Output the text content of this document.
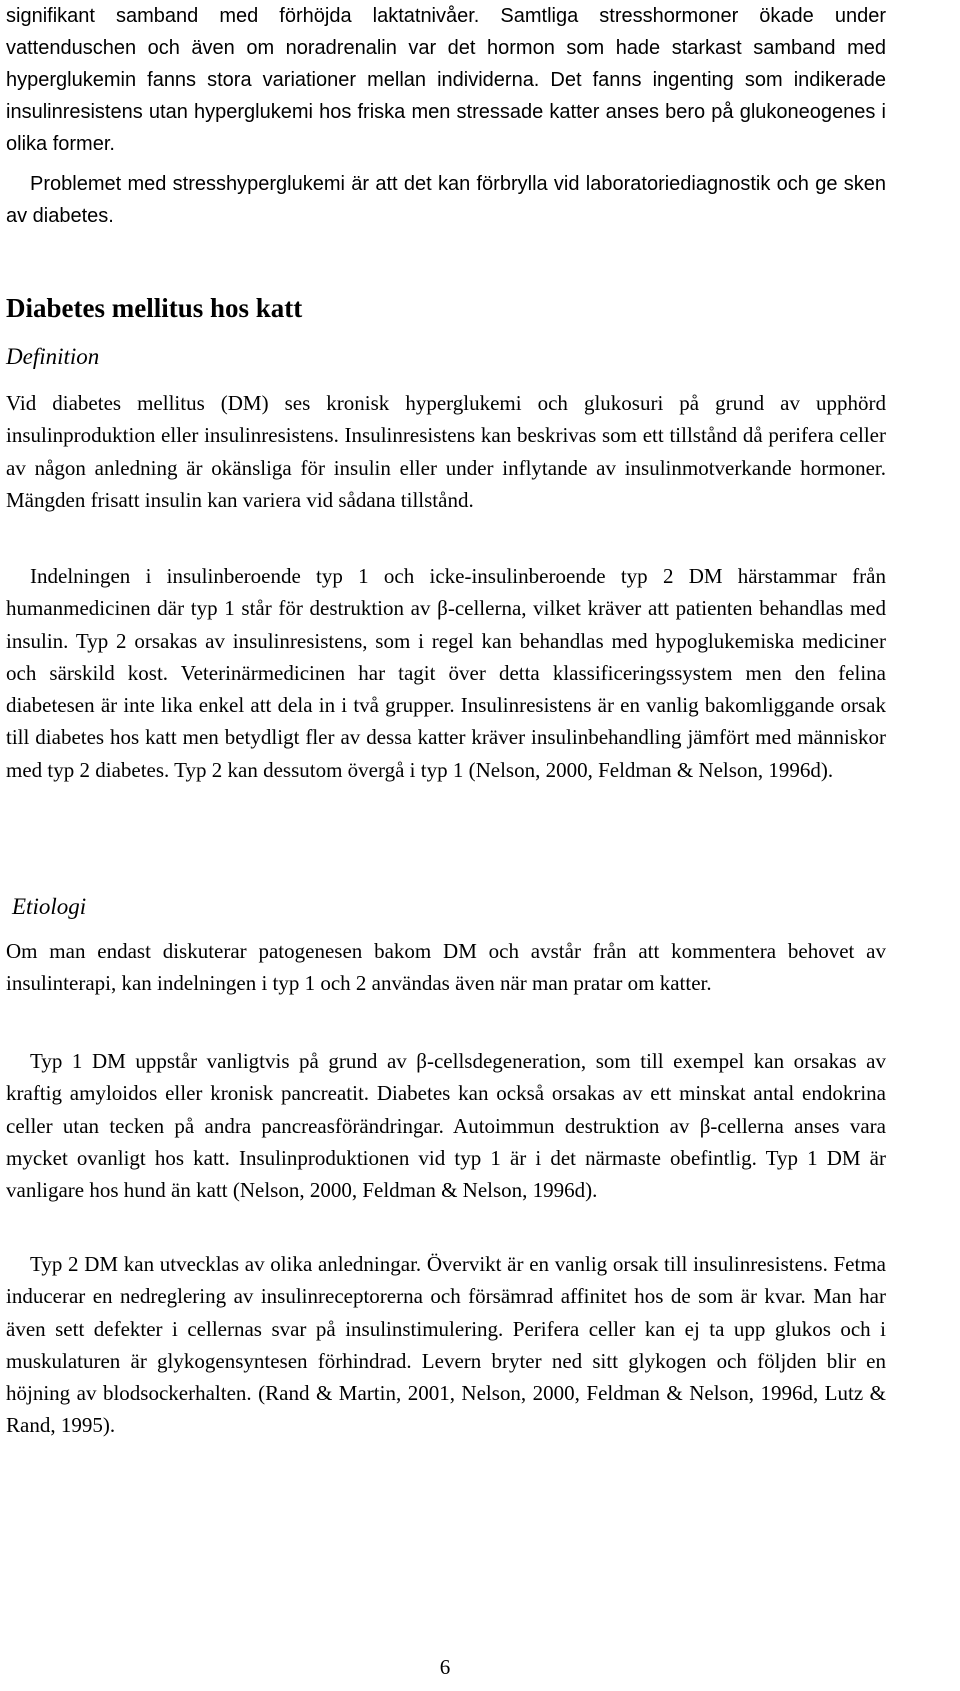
signifikant samband med förhöjda laktatnivåer. Samtliga stresshormoner ökade under vattenduschen och även om noradrenalin var det hormon som hade starkast samband med hyperglukemin fanns stora variationer mellan individerna. Det fanns ingenting som indikerade insulinresistens utan hyperglukemi hos friska men stressade katter anses bero på glukoneogenes i olika former.

Problemet med stresshyperglukemi är att det kan förbrylla vid laboratoriediagnostik och ge sken av diabetes.

Diabetes mellitus hos katt
Definition

Vid diabetes mellitus (DM) ses kronisk hyperglukemi och glukosuri på grund av upphörd insulinproduktion eller insulinresistens. Insulinresistens kan beskrivas som ett tillstånd då perifera celler av någon anledning är okänsliga för insulin eller under inflytande av insulinmotverkande hormoner. Mängden frisatt insulin kan variera vid sådana tillstånd.

Indelningen i insulinberoende typ 1 och icke-insulinberoende typ 2 DM härstammar från humanmedicinen där typ 1 står för destruktion av β-cellerna, vilket kräver att patienten behandlas med insulin. Typ 2 orsakas av insulinresistens, som i regel kan behandlas med hypoglukemiska mediciner och särskild kost. Veterinärmedicinen har tagit över detta klassificeringssystem men den felina diabetesen är inte lika enkel att dela in i två grupper. Insulinresistens är en vanlig bakomliggande orsak till diabetes hos katt men betydligt fler av dessa katter kräver insulinbehandling jämfört med människor med typ 2 diabetes. Typ 2 kan dessutom övergå i typ 1 (Nelson, 2000, Feldman & Nelson, 1996d).

Etiologi

Om man endast diskuterar patogenesen bakom DM och avstår från att kommentera behovet av insulinterapi, kan indelningen i typ 1 och 2 användas även när man pratar om katter.

Typ 1 DM uppstår vanligtvis på grund av β-cellsdegeneration, som till exempel kan orsakas av kraftig amyloidos eller kronisk pancreatit. Diabetes kan också orsakas av ett minskat antal endokrina celler utan tecken på andra pancreasförändringar. Autoimmun destruktion av β-cellerna anses vara mycket ovanligt hos katt. Insulinproduktionen vid typ 1 är i det närmaste obefintlig. Typ 1 DM är vanligare hos hund än katt (Nelson, 2000, Feldman & Nelson, 1996d).

Typ 2 DM kan utvecklas av olika anledningar. Övervikt är en vanlig orsak till insulinresistens. Fetma inducerar en nedreglering av insulinreceptorerna och försämrad affinitet hos de som är kvar. Man har även sett defekter i cellernas svar på insulinstimulering. Perifera celler kan ej ta upp glukos och i muskulaturen är glykogensyntesen förhindrad. Levern bryter ned sitt glykogen och följden blir en höjning av blodsockerhalten. (Rand & Martin, 2001, Nelson, 2000, Feldman & Nelson, 1996d, Lutz & Rand, 1995).

6
